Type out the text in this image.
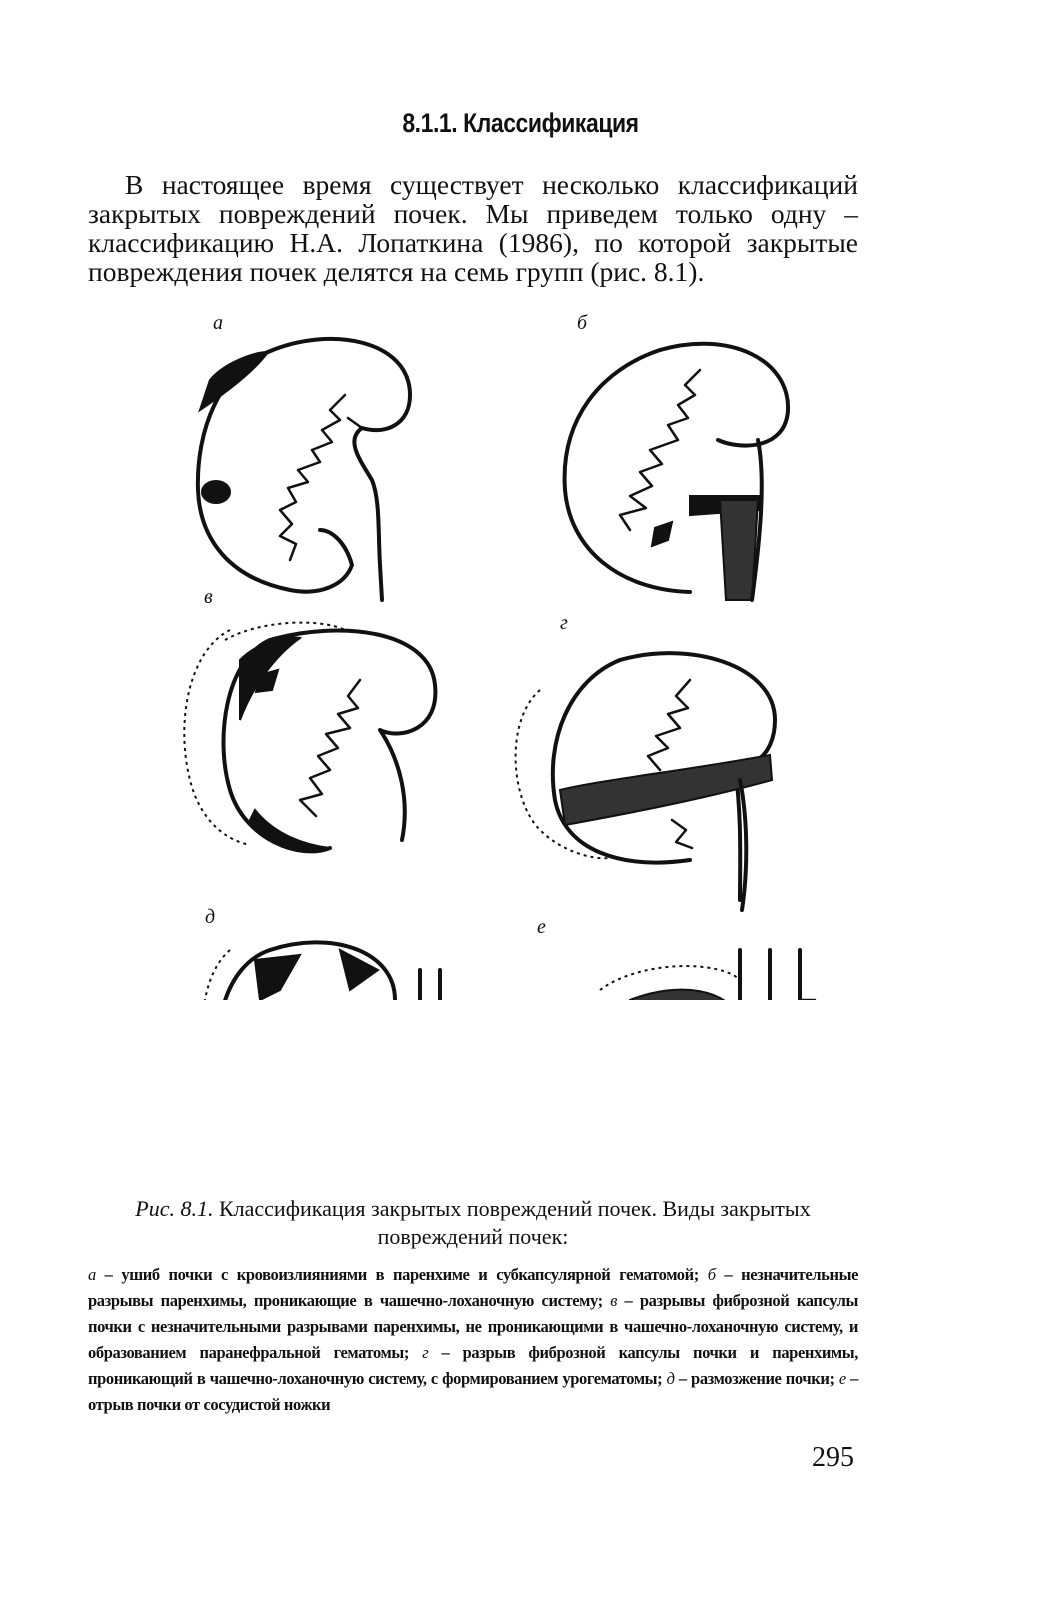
8.1.1. Классификация
В настоящее время существует несколько классификаций закрытых повреждений почек. Мы приведем только одну – классификацию Н.А. Лопаткина (1986), по которой закрытые повреждения почек делятся на семь групп (рис. 8.1).
а	б
в
г
д	е
Рис. 8.1. Классификация закрытых повреждений почек. Виды закрытых повреждений почек:
а – ушиб почки с кровоизлияниями в паренхиме и субкапсулярной гематомой; б – незначительные разрывы паренхимы, проникающие в чашечно-лоханочную систему; в – разрывы фиброзной капсулы почки с незначительными разрывами паренхимы, не проникающими в чашечно-лоханочную систему, и образованием паранефральной гематомы; г – разрыв фиброзной капсулы почки и паренхимы, проникающий в чашечно-лоханочную систему, с формированием урогематомы; д – размозжение почки; е – отрыв почки от сосудистой ножки
295
